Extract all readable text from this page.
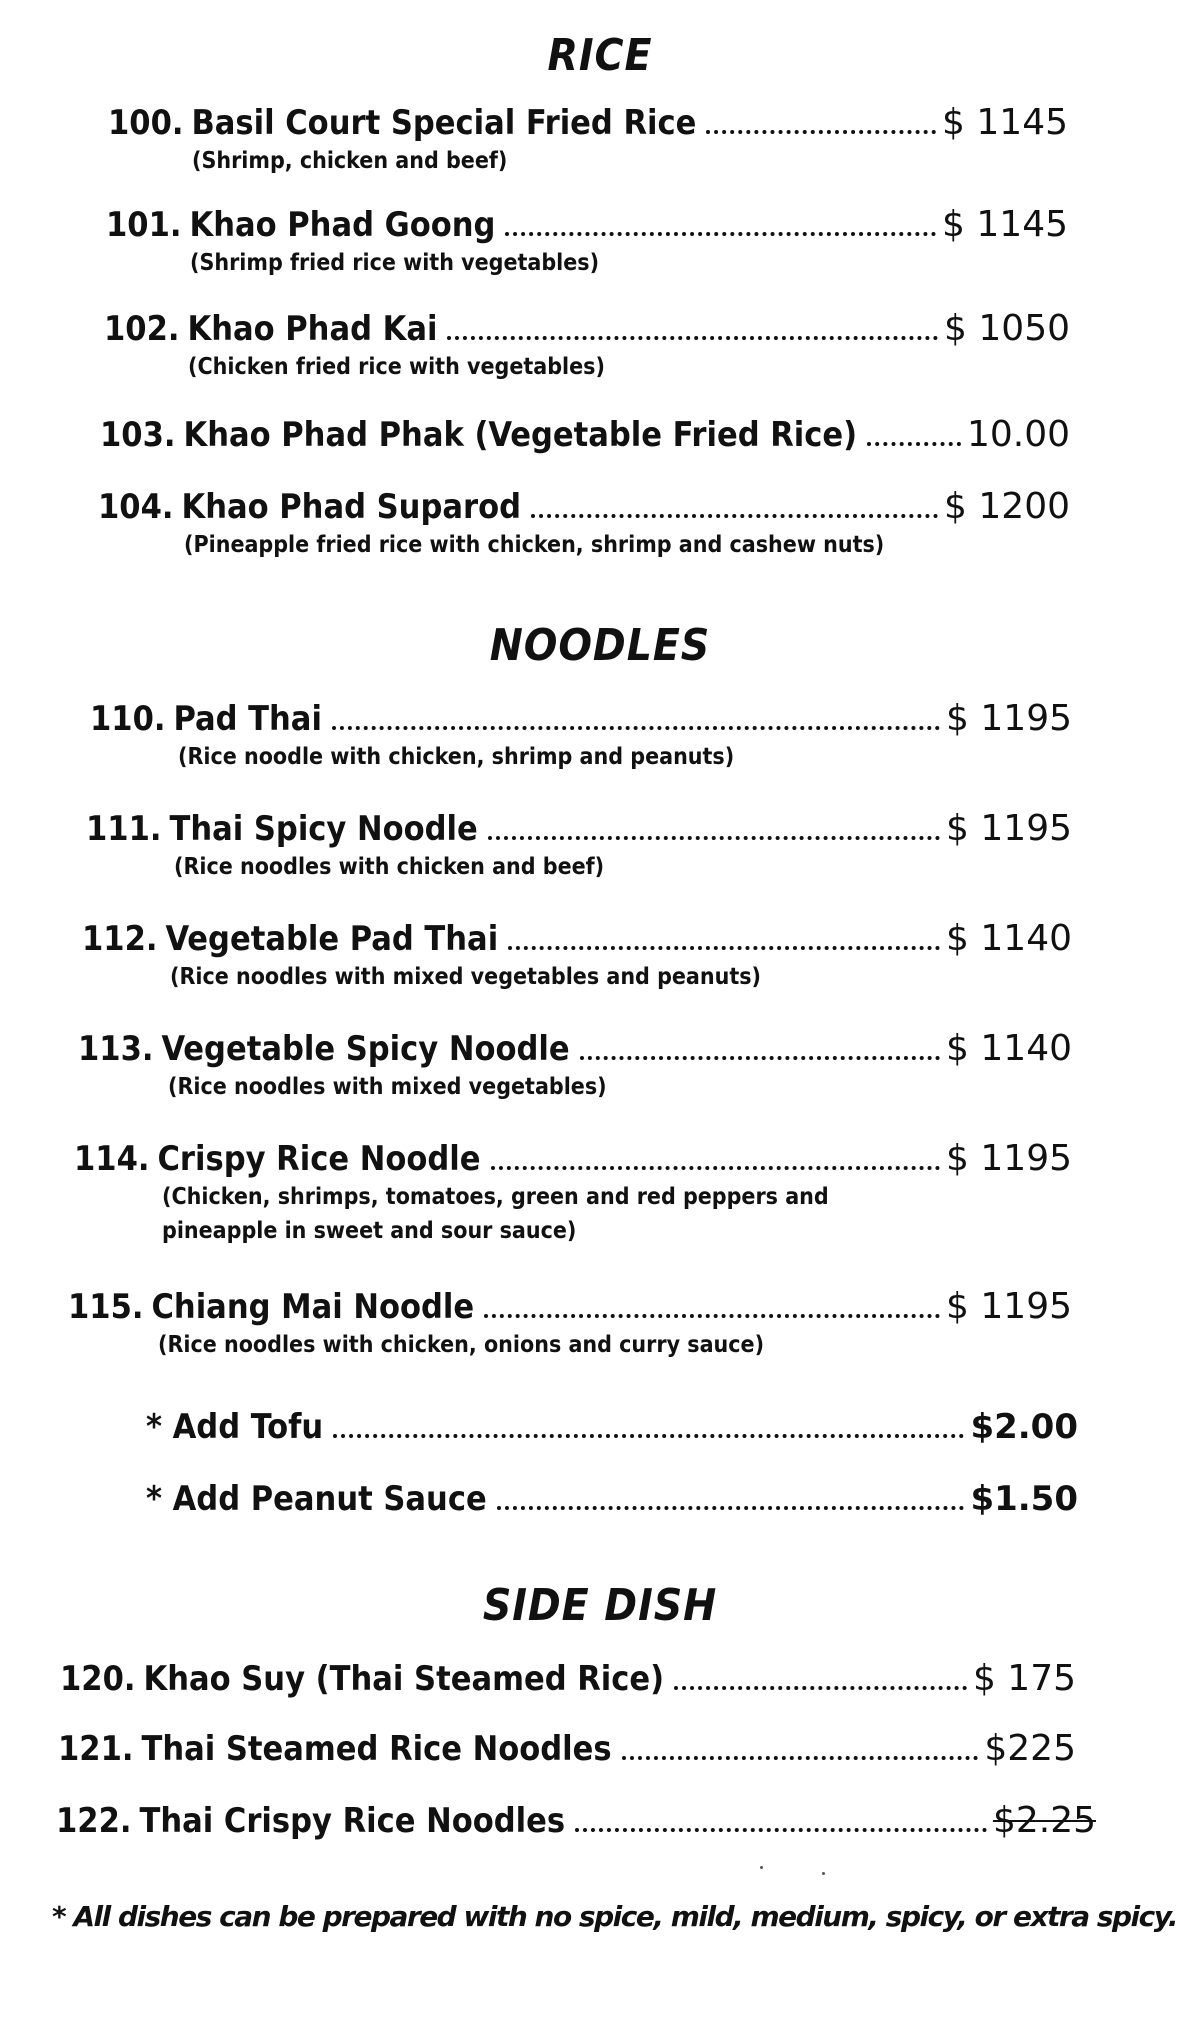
RICE
100. Basil Court Special Fried Rice	$ 1145
(Shrimp, chicken and beef)
101. Khao Phad Goong	$ 1145
(Shrimp fried rice with vegetables)
102. Khao Phad Kai	$ 1050
(Chicken fried rice with vegetables)
103. Khao Phad Phak (Vegetable Fried Rice)	10.00
104. Khao Phad Suparod	$ 1200
(Pineapple fried rice with chicken, shrimp and cashew nuts)
NOODLES
110. Pad Thai	$ 1195
(Rice noodle with chicken, shrimp and peanuts)
111. Thai Spicy Noodle	$ 1195
(Rice noodles with chicken and beef)
112. Vegetable Pad Thai	$ 1140
(Rice noodles with mixed vegetables and peanuts)
113. Vegetable Spicy Noodle	$ 1140
(Rice noodles with mixed vegetables)
114. Crispy Rice Noodle	$ 1195
(Chicken, shrimps, tomatoes, green and red peppers and
pineapple in sweet and sour sauce)
115. Chiang Mai Noodle	$ 1195
(Rice noodles with chicken, onions and curry sauce)
* Add Tofu	$2.00
* Add Peanut Sauce	$1.50
SIDE DISH
120. Khao Suy (Thai Steamed Rice)	$ 175
121. Thai Steamed Rice Noodles	$225
122. Thai Crispy Rice Noodles	$2.25
* All dishes can be prepared with no spice, mild, medium, spicy, or extra spicy.
